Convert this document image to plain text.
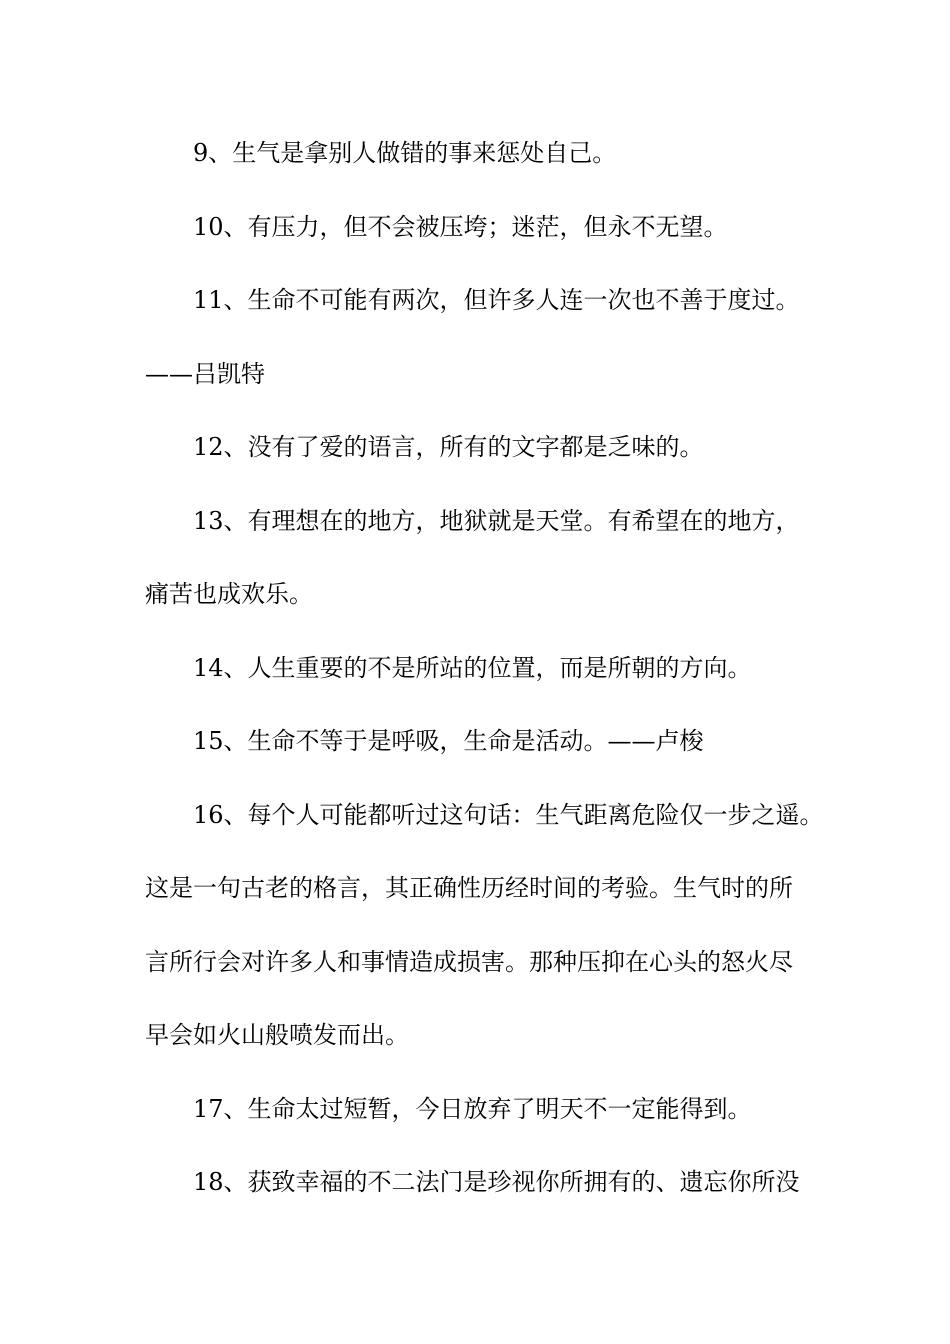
9、生气是拿别人做错的事来惩处自己。
10、有压力，但不会被压垮；迷茫，但永不无望。
11、生命不可能有两次，但许多人连一次也不善于度过。
——吕凯特
12、没有了爱的语言，所有的文字都是乏味的。
13、有理想在的地方，地狱就是天堂。有希望在的地方，
痛苦也成欢乐。
14、人生重要的不是所站的位置，而是所朝的方向。
15、生命不等于是呼吸，生命是活动。——卢梭
16、每个人可能都听过这句话：生气距离危险仅一步之遥。
这是一句古老的格言，其正确性历经时间的考验。生气时的所
言所行会对许多人和事情造成损害。那种压抑在心头的怒火尽
早会如火山般喷发而出。
17、生命太过短暂，今日放弃了明天不一定能得到。
18、获致幸福的不二法门是珍视你所拥有的、遗忘你所没
